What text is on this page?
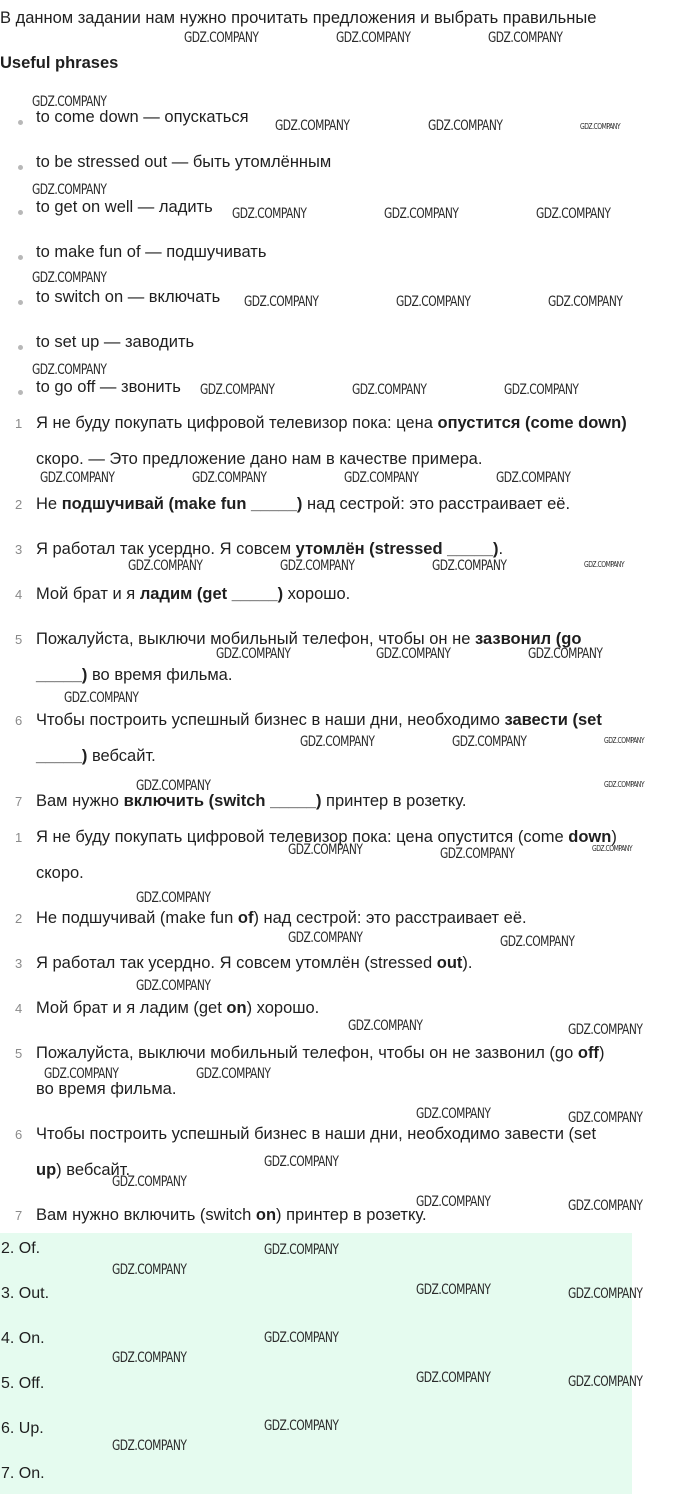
В данном задании нам нужно прочитать предложения и выбрать правильные
Useful phrases
to come down — опускаться
to be stressed out — быть утомлённым
to get on well — ладить
to make fun of — подшучивать
to switch on — включать
to set up — заводить
to go off — звонить
1 Я не буду покупать цифровой телевизор пока: цена опустится (come down)
скоро. — Это предложение дано нам в качестве примера.
2 Не подшучивай (make fun _____) над сестрой: это расстраивает её.
3 Я работал так усердно. Я совсем утомлён (stressed _____).
4 Мой брат и я ладим (get _____) хорошо.
5 Пожалуйста, выключи мобильный телефон, чтобы он не зазвонил (go
_____) во время фильма.
6 Чтобы построить успешный бизнес в наши дни, необходимо завести (set
_____) вебсайт.
7 Вам нужно включить (switch _____) принтер в розетку.
1 Я не буду покупать цифровой телевизор пока: цена опустится (come down)
скоро.
2 Не подшучивай (make fun of) над сестрой: это расстраивает её.
3 Я работал так усердно. Я совсем утомлён (stressed out).
4 Мой брат и я ладим (get on) хорошо.
5 Пожалуйста, выключи мобильный телефон, чтобы он не зазвонил (go off)
во время фильма.
6 Чтобы построить успешный бизнес в наши дни, необходимо завести (set
up) вебсайт.
7 Вам нужно включить (switch on) принтер в розетку.
2. Of.
3. Out.
4. On.
5. Off.
6. Up.
7. On.
GDZ.COMPANY	GDZ.COMPANY	GDZ.COMPANY
GDZ.COMPANY
GDZ.COMPANY	GDZ.COMPANY	GDZ.COMPANY
GDZ.COMPANY
GDZ.COMPANY	GDZ.COMPANY	GDZ.COMPANY
GDZ.COMPANY
GDZ.COMPANY	GDZ.COMPANY	GDZ.COMPANY
GDZ.COMPANY
GDZ.COMPANY	GDZ.COMPANY	GDZ.COMPANY
GDZ.COMPANY	GDZ.COMPANY	GDZ.COMPANY	GDZ.COMPANY
GDZ.COMPANY	GDZ.COMPANY	GDZ.COMPANY	GDZ.COMPANY
GDZ.COMPANY	GDZ.COMPANY	GDZ.COMPANY
GDZ.COMPANY
GDZ.COMPANY	GDZ.COMPANY	GDZ.COMPANY
GDZ.COMPANY	GDZ.COMPANY
GDZ.COMPANY	GDZ.COMPANY	GDZ.COMPANY
GDZ.COMPANY
GDZ.COMPANY	GDZ.COMPANY
GDZ.COMPANY
GDZ.COMPANY	GDZ.COMPANY
GDZ.COMPANY	GDZ.COMPANY
GDZ.COMPANY	GDZ.COMPANY
GDZ.COMPANY
GDZ.COMPANY
GDZ.COMPANY	GDZ.COMPANY
GDZ.COMPANY
GDZ.COMPANY
GDZ.COMPANY	GDZ.COMPANY
GDZ.COMPANY
GDZ.COMPANY
GDZ.COMPANY	GDZ.COMPANY
GDZ.COMPANY
GDZ.COMPANY
